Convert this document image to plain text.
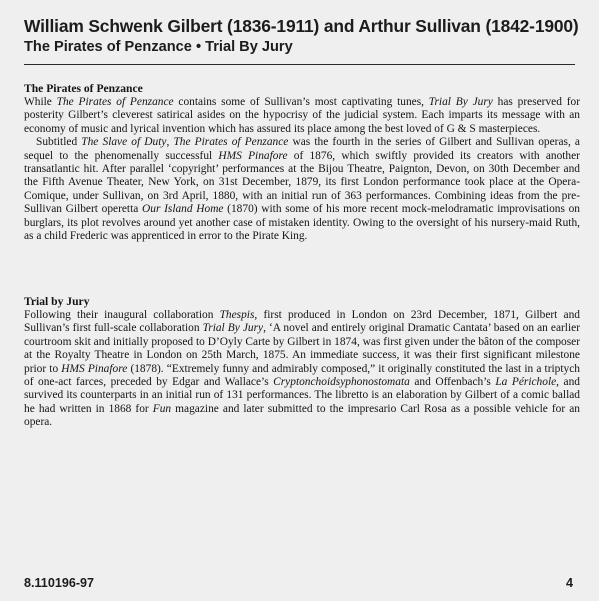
William Schwenk Gilbert (1836-1911) and Arthur Sullivan (1842-1900)
The Pirates of Penzance • Trial By Jury
The Pirates of Penzance

While The Pirates of Penzance contains some of Sullivan’s most captivating tunes, Trial By Jury has preserved for posterity Gilbert’s cleverest satirical asides on the hypocrisy of the judicial system. Each imparts its message with an economy of music and lyrical invention which has assured its place among the best loved of G & S masterpieces.

Subtitled The Slave of Duty, The Pirates of Penzance was the fourth in the series of Gilbert and Sullivan operas, a sequel to the phenomenally successful HMS Pinafore of 1876, which swiftly provided its creators with another transatlantic hit. After parallel ‘copyright’ performances at the Bijou Theatre, Paignton, Devon, on 30th December and the Fifth Avenue Theater, New York, on 31st December, 1879, its first London performance took place at the Opera-Comique, under Sullivan, on 3rd April, 1880, with an initial run of 363 performances. Combining ideas from the pre-Sullivan Gilbert operetta Our Island Home (1870) with some of his more recent mock-melodramatic improvisations on burglars, its plot revolves around yet another case of mistaken identity. Owing to the oversight of his nursery-maid Ruth, as a child Frederic was apprenticed in error to the Pirate King.

Trial by Jury

Following their inaugural collaboration Thespis, first produced in London on 23rd December, 1871, Gilbert and Sullivan’s first full-scale collaboration Trial By Jury, ‘A novel and entirely original Dramatic Cantata’ based on an earlier courtroom skit and initially proposed to D’Oyly Carte by Gilbert in 1874, was first given under the bâton of the composer at the Royalty Theatre in London on 25th March, 1875. An immediate success, it was their first significant milestone prior to HMS Pinafore (1878). “Extremely funny and admirably composed,” it originally constituted the last in a triptych of one-act farces, preceded by Edgar and Wallace’s Cryptonchoidsyphonostomata and Offenbach’s La Périchole, and survived its counterparts in an initial run of 131 performances. The libretto is an elaboration by Gilbert of a comic ballad he had written in 1868 for Fun magazine and later submitted to the impresario Carl Rosa as a possible vehicle for an opera.

8.110196-97	4
